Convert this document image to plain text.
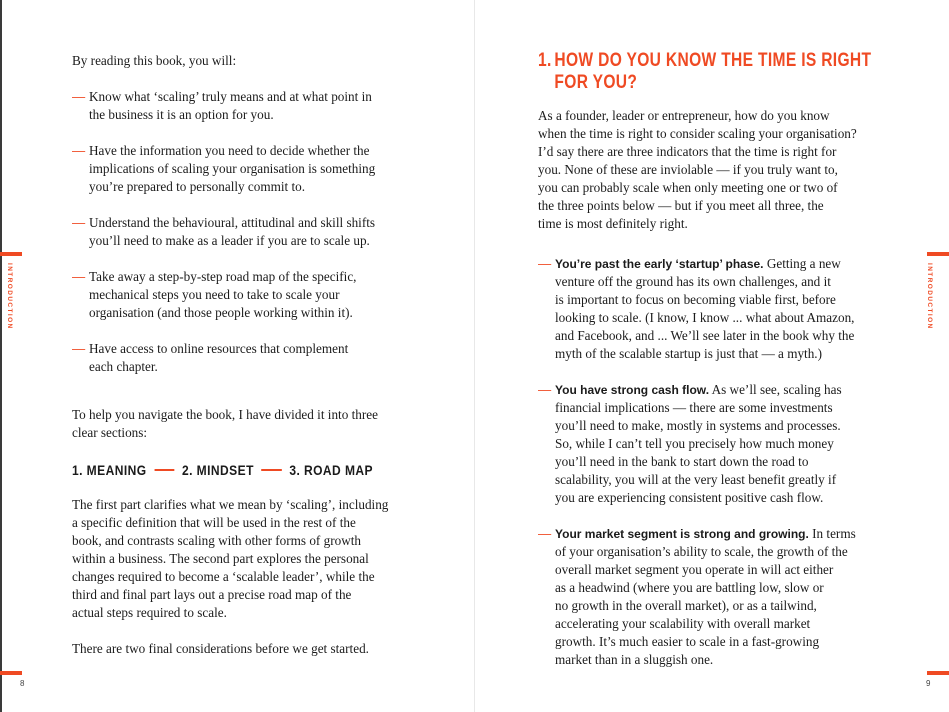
INTRODUCTION
8
INTRODUCTION
9

By reading this book, you will:

— Know what ‘scaling’ truly means and at what point in
the business it is an option for you.
— Have the information you need to decide whether the
implications of scaling your organisation is something
you’re prepared to personally commit to.
— Understand the behavioural, attitudinal and skill shifts
you’ll need to make as a leader if you are to scale up.
— Take away a step-by-step road map of the specific,
mechanical steps you need to take to scale your
organisation (and those people working within it).
— Have access to online resources that complement
each chapter.

To help you navigate the book, I have divided it into three
clear sections:

1. MEANING	2. MINDSET	3. ROAD MAP

The first part clarifies what we mean by ‘scaling’, including
a specific definition that will be used in the rest of the
book, and contrasts scaling with other forms of growth
within a business. The second part explores the personal
changes required to become a ‘scalable leader’, while the
third and final part lays out a precise road map of the
actual steps required to scale.

There are two final considerations before we get started.

1. HOW DO YOU KNOW THE TIME IS RIGHT
FOR YOU?

As a founder, leader or entrepreneur, how do you know
when the time is right to consider scaling your organisation?
I’d say there are three indicators that the time is right for
you. None of these are inviolable — if you truly want to,
you can probably scale when only meeting one or two of
the three points below — but if you meet all three, the
time is most definitely right.

— You’re past the early ‘startup’ phase. Getting a new
venture off the ground has its own challenges, and it
is important to focus on becoming viable first, before
looking to scale. (I know, I know ... what about Amazon,
and Facebook, and ... We’ll see later in the book why the
myth of the scalable startup is just that — a myth.)
— You have strong cash flow. As we’ll see, scaling has
financial implications — there are some investments
you’ll need to make, mostly in systems and processes.
So, while I can’t tell you precisely how much money
you’ll need in the bank to start down the road to
scalability, you will at the very least benefit greatly if
you are experiencing consistent positive cash flow.
— Your market segment is strong and growing. In terms
of your organisation’s ability to scale, the growth of the
overall market segment you operate in will act either
as a headwind (where you are battling low, slow or
no growth in the overall market), or as a tailwind,
accelerating your scalability with overall market
growth. It’s much easier to scale in a fast-growing
market than in a sluggish one.
